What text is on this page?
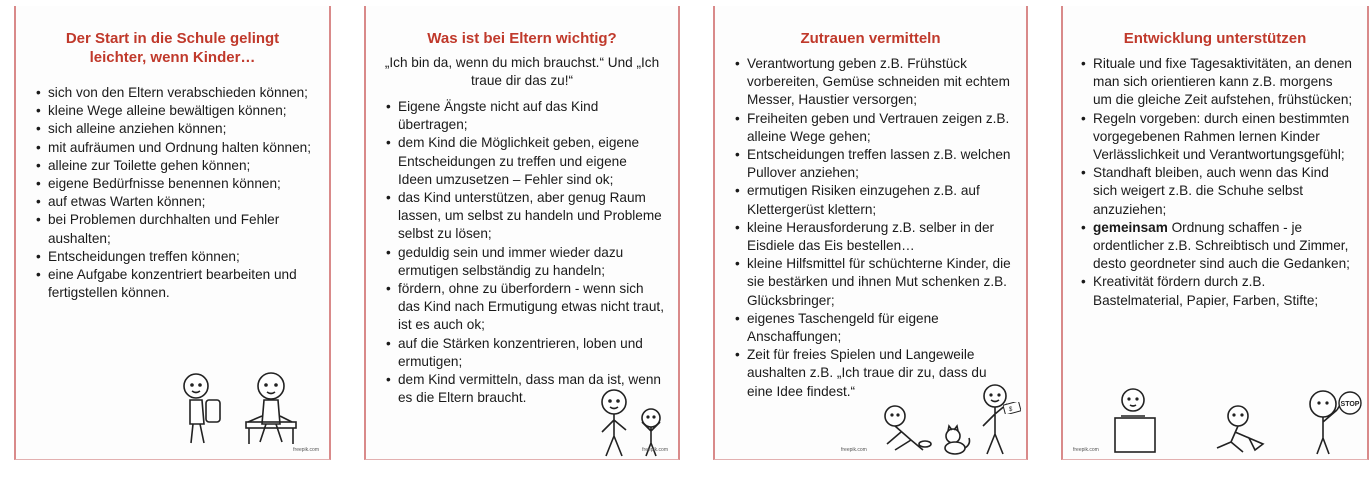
Der Start in die Schule gelingt
leichter, wenn Kinder…
• sich von den Eltern verabschieden können;
• kleine Wege alleine bewältigen können;
• sich alleine anziehen können;
• mit aufräumen und Ordnung halten können;
• alleine zur Toilette gehen können;
• eigene Bedürfnisse benennen können;
• auf etwas Warten können;
• bei Problemen durchhalten und Fehler aushalten;
• Entscheidungen treffen können;
• eine Aufgabe konzentriert bearbeiten und fertigstellen können.
freepik.com
Was ist bei Eltern wichtig?
„Ich bin da, wenn du mich brauchst.“ Und „Ich traue dir das zu!“
• Eigene Ängste nicht auf das Kind übertragen;
• dem Kind die Möglichkeit geben, eigene Entscheidungen zu treffen und eigene Ideen umzusetzen – Fehler sind ok;
• das Kind unterstützen, aber genug Raum lassen, um selbst zu handeln und Probleme selbst zu lösen;
• geduldig sein und immer wieder dazu ermutigen selbständig zu handeln;
• fördern, ohne zu überfordern - wenn sich das Kind nach Ermutigung etwas nicht traut, ist es auch ok;
• auf die Stärken konzentrieren, loben und ermutigen;
• dem Kind vermitteln, dass man da ist, wenn es die Eltern braucht.
freepik.com
Zutrauen vermitteln
• Verantwortung geben z.B. Frühstück vorbereiten, Gemüse schneiden mit echtem Messer, Haustier versorgen;
• Freiheiten geben und Vertrauen zeigen z.B. alleine Wege gehen;
• Entscheidungen treffen lassen z.B. welchen Pullover anziehen;
• ermutigen Risiken einzugehen z.B. auf Klettergerüst klettern;
• kleine Herausforderung z.B. selber in der Eisdiele das Eis bestellen…
• kleine Hilfsmittel für schüchterne Kinder, die sie bestärken und ihnen Mut schenken z.B. Glücksbringer;
• eigenes Taschengeld für eigene Anschaffungen;
• Zeit für freies Spielen und Langeweile aushalten z.B. „Ich traue dir zu, dass du eine Idee findest.“
$
freepik.com
Entwicklung unterstützen
• Rituale und fixe Tagesaktivitäten, an denen man sich orientieren kann z.B. morgens um die gleiche Zeit aufstehen, frühstücken;
• Regeln vorgeben: durch einen bestimmten vorgegebenen Rahmen lernen Kinder Verlässlichkeit und Verantwortungsgefühl;
• Standhaft bleiben, auch wenn das Kind sich weigert z.B. die Schuhe selbst anzuziehen;
• gemeinsam Ordnung schaffen - je ordentlicher z.B. Schreibtisch und Zimmer, desto geordneter sind auch die Gedanken;
• Kreativität fördern durch z.B. Bastelmaterial, Papier, Farben, Stifte;
STOP
freepik.com
